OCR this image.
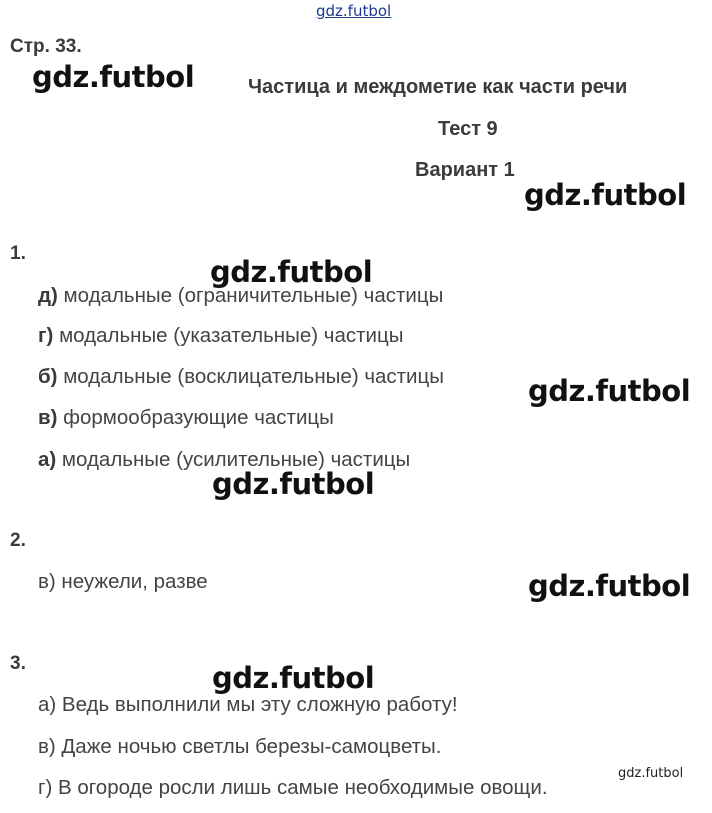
gdz.futbol
Стр. 33.
gdz.futbol	Частица и междометие как части речи
Тест 9
Вариант 1
gdz.futbol
1.
gdz.futbol
д) модальные (ограничительные) частицы
г) модальные (указательные) частицы
б) модальные (восклицательные) частицы	gdz.futbol
в) формообразующие частицы
а) модальные (усилительные) частицы
gdz.futbol
2.
в) неужели, разве	gdz.futbol
3.	gdz.futbol
а) Ведь выполнили мы эту сложную работу!
в) Даже ночью светлы березы-самоцветы.
gdz.futbol
г) В огороде росли лишь самые необходимые овощи.
